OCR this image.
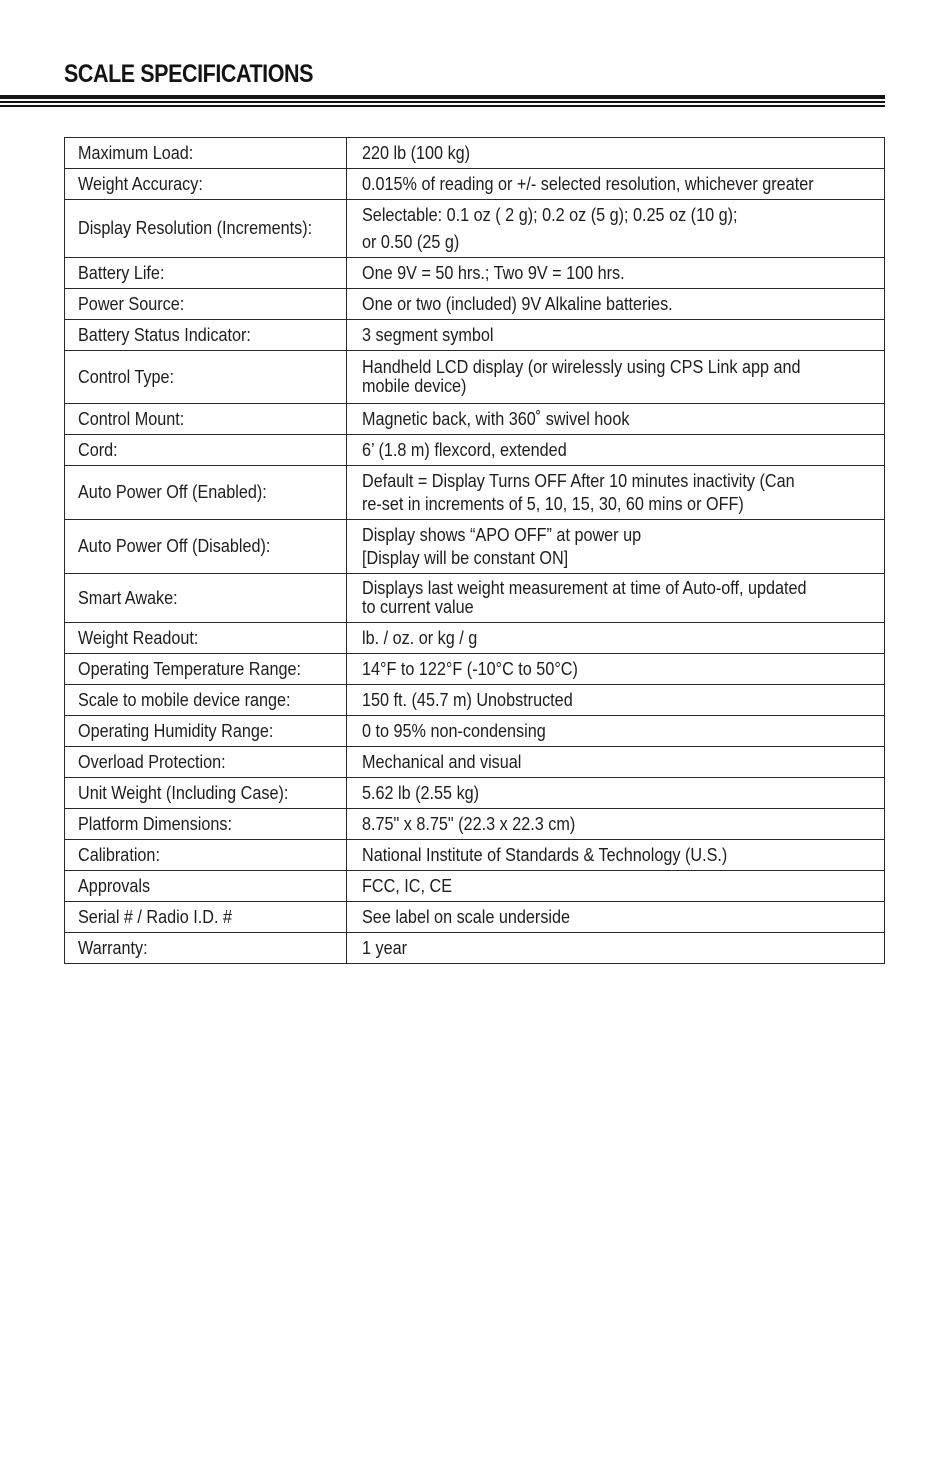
SCALE SPECIFICATIONS
Maximum Load:	220 lb (100 kg)

Weight Accuracy:	0.015% of reading or +/- selected resolution, whichever greater

Display Resolution (Increments):	Selectable: 0.1 oz ( 2 g); 0.2 oz (5 g); 0.25 oz (10 g);
or 0.50 (25 g)

Battery Life:	One 9V = 50 hrs.; Two 9V = 100 hrs.

Power Source:	One or two (included) 9V Alkaline batteries.

Battery Status Indicator:	3 segment symbol

Control Type:	Handheld LCD display (or wirelessly using CPS Link app and
mobile device)

Control Mount:	Magnetic back, with 360˚ swivel hook

Cord:	6’ (1.8 m) flexcord, extended

Auto Power Off (Enabled):	Default = Display Turns OFF After 10 minutes inactivity (Can
re-set in increments of 5, 10, 15, 30, 60 mins or OFF)

Auto Power Off (Disabled):	Display shows “APO OFF” at power up
[Display will be constant ON]

Smart Awake:	Displays last weight measurement at time of Auto-off, updated
to current value

Weight Readout:	lb. / oz. or kg / g

Operating Temperature Range:	14°F to 122°F (-10°C to 50°C)

Scale to mobile device range:	150 ft. (45.7 m) Unobstructed

Operating Humidity Range:	0 to 95% non-condensing

Overload Protection:	Mechanical and visual

Unit Weight (Including Case):	5.62 lb (2.55 kg)

Platform Dimensions:	8.75" x 8.75" (22.3 x 22.3 cm)

Calibration:	National Institute of Standards & Technology (U.S.)

Approvals	FCC, IC, CE

Serial # / Radio I.D. #	See label on scale underside

Warranty:	1 year
